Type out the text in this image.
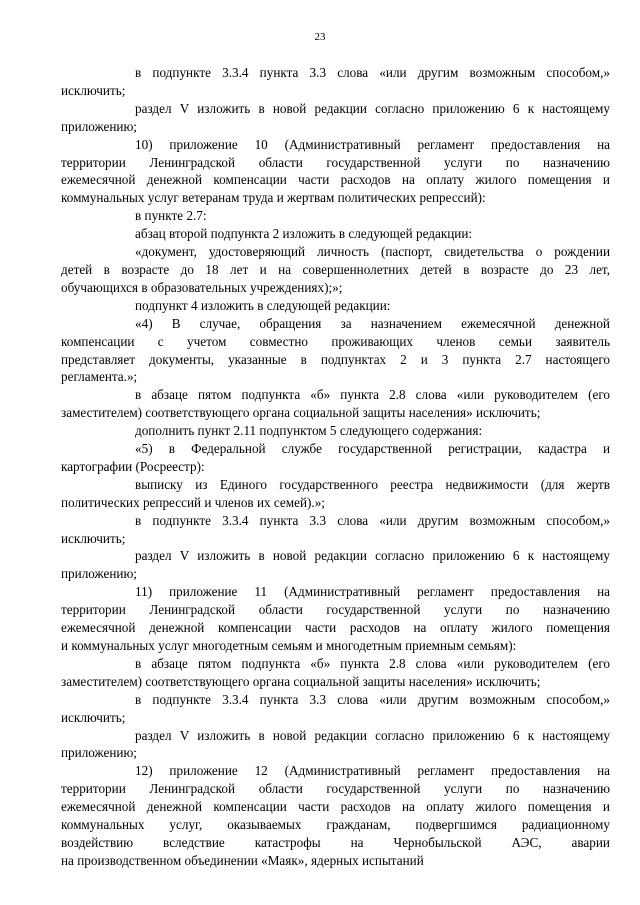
23
в подпункте 3.3.4 пункта 3.3 слова «или другим возможным способом,»
исключить;
раздел V изложить в новой редакции согласно приложению 6 к настоящему
приложению;
10) приложение 10 (Административный регламент предоставления на
территории Ленинградской области государственной услуги по назначению
ежемесячной денежной компенсации части расходов на оплату жилого помещения и
коммунальных услуг ветеранам труда и жертвам политических репрессий):
в пункте 2.7:
абзац второй подпункта 2 изложить в следующей редакции:
«документ, удостоверяющий личность (паспорт, свидетельства о рождении
детей в возрасте до 18 лет и на совершеннолетних детей в возрасте до 23 лет,
обучающихся в образовательных учреждениях);»;
подпункт 4 изложить в следующей редакции:
«4) В случае, обращения за назначением ежемесячной денежной
компенсации с учетом совместно проживающих членов семьи заявитель
представляет документы, указанные в подпунктах 2 и 3 пункта 2.7 настоящего
регламента.»;
в абзаце пятом подпункта «б» пункта 2.8 слова «или руководителем (его
заместителем) соответствующего органа социальной защиты населения» исключить;
дополнить пункт 2.11 подпунктом 5 следующего содержания:
«5) в Федеральной службе государственной регистрации, кадастра и
картографии (Росреестр):
выписку из Единого государственного реестра недвижимости (для жертв
политических репрессий и членов их семей).»;
в подпункте 3.3.4 пункта 3.3 слова «или другим возможным способом,»
исключить;
раздел V изложить в новой редакции согласно приложению 6 к настоящему
приложению;
11) приложение 11 (Административный регламент предоставления на
территории Ленинградской области государственной услуги по назначению
ежемесячной денежной компенсации части расходов на оплату жилого помещения
и коммунальных услуг многодетным семьям и многодетным приемным семьям):
в абзаце пятом подпункта «б» пункта 2.8 слова «или руководителем (его
заместителем) соответствующего органа социальной защиты населения» исключить;
в подпункте 3.3.4 пункта 3.3 слова «или другим возможным способом,»
исключить;
раздел V изложить в новой редакции согласно приложению 6 к настоящему
приложению;
12) приложение 12 (Административный регламент предоставления на
территории Ленинградской области государственной услуги по назначению
ежемесячной денежной компенсации части расходов на оплату жилого помещения и
коммунальных услуг, оказываемых гражданам, подвергшимся радиационному
воздействию вследствие катастрофы на Чернобыльской АЭС, аварии
на производственном объединении «Маяк», ядерных испытаний
